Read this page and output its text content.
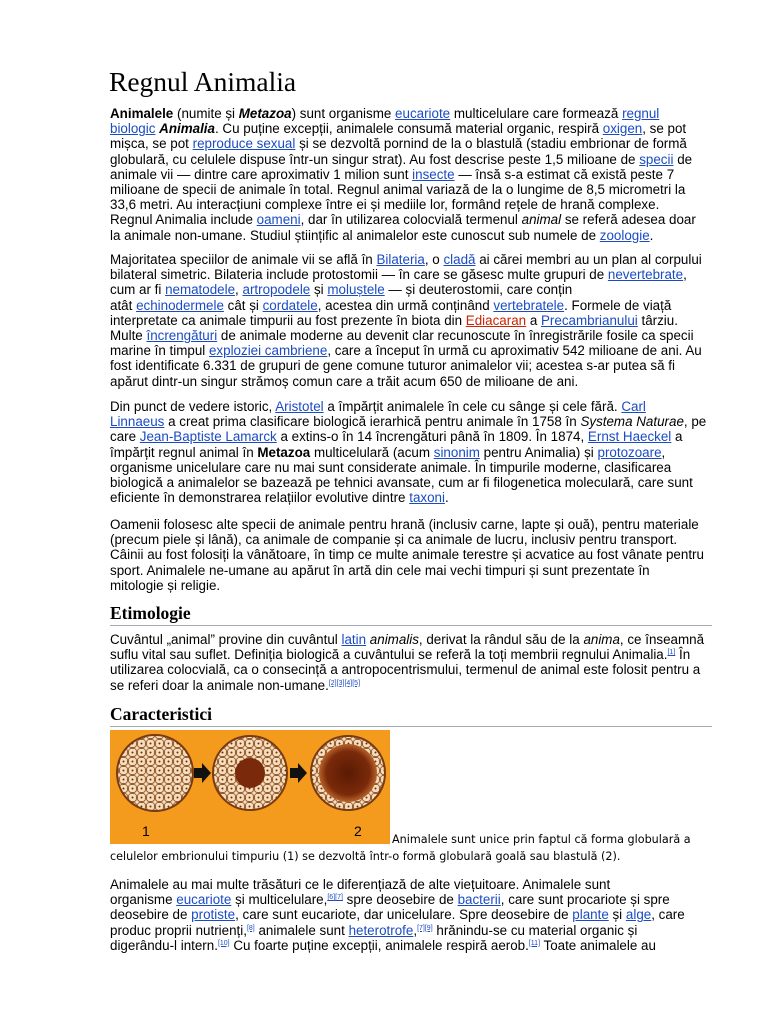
Regnul Animalia
Animalele (numite și Metazoa) sunt organisme eucariote multicelulare care formează regnul
biologic Animalia. Cu puține excepții, animalele consumă material organic, respiră oxigen, se pot
mișca, se pot reproduce sexual și se dezvoltă pornind de la o blastulă (stadiu embrionar de formă
globulară, cu celulele dispuse într-un singur strat). Au fost descrise peste 1,5 milioane de specii de
animale vii — dintre care aproximativ 1 milion sunt insecte — însă s-a estimat că există peste 7
milioane de specii de animale în total. Regnul animal variază de la o lungime de 8,5 micrometri la
33,6 metri. Au interacțiuni complexe între ei și mediile lor, formând rețele de hrană complexe.
Regnul Animalia include oameni, dar în utilizarea colocvială termenul animal se referă adesea doar
la animale non-umane. Studiul științific al animalelor este cunoscut sub numele de zoologie.
Majoritatea speciilor de animale vii se află în Bilateria, o cladă ai cărei membri au un plan al corpului
bilateral simetric. Bilateria include protostomii — în care se găsesc multe grupuri de nevertebrate,
cum ar fi nematodele, artropodele și moluștele — și deuterostomii, care conțin
atât echinodermele cât și cordatele, acestea din urmă conținând vertebratele. Formele de viață
interpretate ca animale timpurii au fost prezente în biota din Ediacaran a Precambrianului târziu.
Multe încrengături de animale moderne au devenit clar recunoscute în înregistrările fosile ca specii
marine în timpul exploziei cambriene, care a început în urmă cu aproximativ 542 milioane de ani. Au
fost identificate 6.331 de grupuri de gene comune tuturor animalelor vii; acestea s-ar putea să fi
apărut dintr-un singur strămoș comun care a trăit acum 650 de milioane de ani.
Din punct de vedere istoric, Aristotel a împărțit animalele în cele cu sânge și cele fără. Carl
Linnaeus a creat prima clasificare biologică ierarhică pentru animale în 1758 în Systema Naturae, pe
care Jean-Baptiste Lamarck a extins-o în 14 încrengături până în 1809. În 1874, Ernst Haeckel a
împărțit regnul animal în Metazoa multicelulară (acum sinonim pentru Animalia) și protozoare,
organisme unicelulare care nu mai sunt considerate animale. În timpurile moderne, clasificarea
biologică a animalelor se bazează pe tehnici avansate, cum ar fi filogenetica moleculară, care sunt
eficiente în demonstrarea relațiilor evolutive dintre taxoni.
Oamenii folosesc alte specii de animale pentru hrană (inclusiv carne, lapte și ouă), pentru materiale
(precum piele și lână), ca animale de companie și ca animale de lucru, inclusiv pentru transport.
Câinii au fost folosiți la vânătoare, în timp ce multe animale terestre și acvatice au fost vânate pentru
sport. Animalele ne-umane au apărut în artă din cele mai vechi timpuri și sunt prezentate în
mitologie și religie.
Etimologie
Cuvântul „animal” provine din cuvântul latin animalis, derivat la rândul său de la anima, ce înseamnă
suflu vital sau suflet. Definiția biologică a cuvântului se referă la toți membrii regnului Animalia.[1] În
utilizarea colocvială, ca o consecință a antropocentrismului, termenul de animal este folosit pentru a
se referi doar la animale non-umane.[2][3][4][5]
Caracteristici
1	2
Animalele sunt unice prin faptul că forma globulară a
celulelor embrionului timpuriu (1) se dezvoltă într-o formă globulară goală sau blastulă (2).
Animalele au mai multe trăsături ce le diferențiază de alte viețuitoare. Animalele sunt
organisme eucariote și multicelulare,[6][7] spre deosebire de bacterii, care sunt procariote și spre
deosebire de protiste, care sunt eucariote, dar unicelulare. Spre deosebire de plante și alge, care
produc proprii nutrienți,[8] animalele sunt heterotrofe,[7][9] hrănindu-se cu material organic și
digerându-l intern.[10] Cu foarte puține excepții, animalele respiră aerob.[11] Toate animalele au
